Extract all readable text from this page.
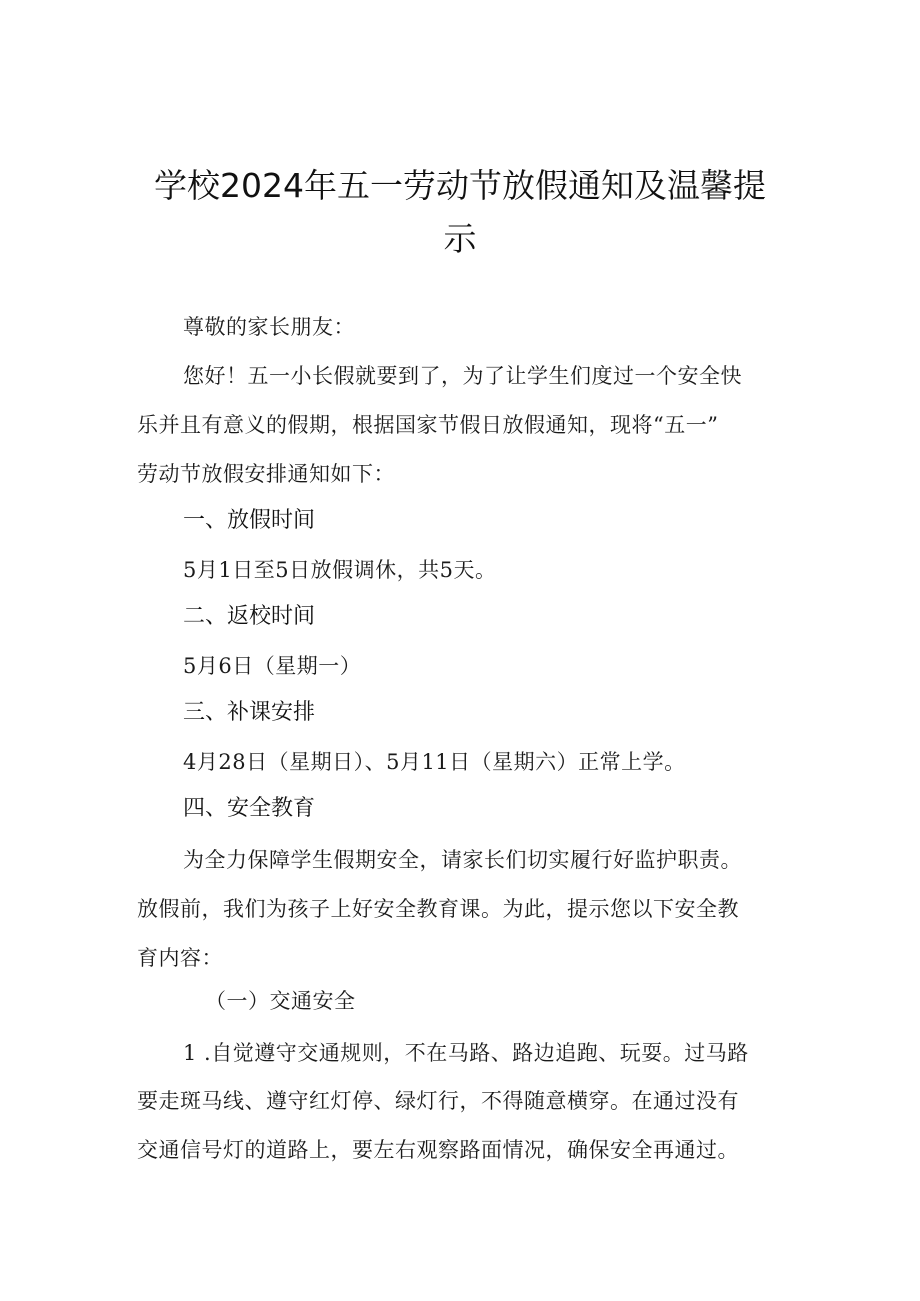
学校2024年五一劳动节放假通知及温馨提
示
尊敬的家长朋友：
您好！五一小长假就要到了，为了让学生们度过一个安全快
乐并且有意义的假期，根据国家节假日放假通知，现将“五一”
劳动节放假安排通知如下：
一、放假时间
5月1日至5日放假调休，共5天。
二、返校时间
5月6日（星期一）
三、补课安排
4月28日（星期日）、5月11日（星期六）正常上学。
四、安全教育
为全力保障学生假期安全，请家长们切实履行好监护职责。
放假前，我们为孩子上好安全教育课。为此，提示您以下安全教
育内容：
（一）交通安全
1 .自觉遵守交通规则，不在马路、路边追跑、玩耍。过马路
要走斑马线、遵守红灯停、绿灯行，不得随意横穿。在通过没有
交通信号灯的道路上，要左右观察路面情况，确保安全再通过。
